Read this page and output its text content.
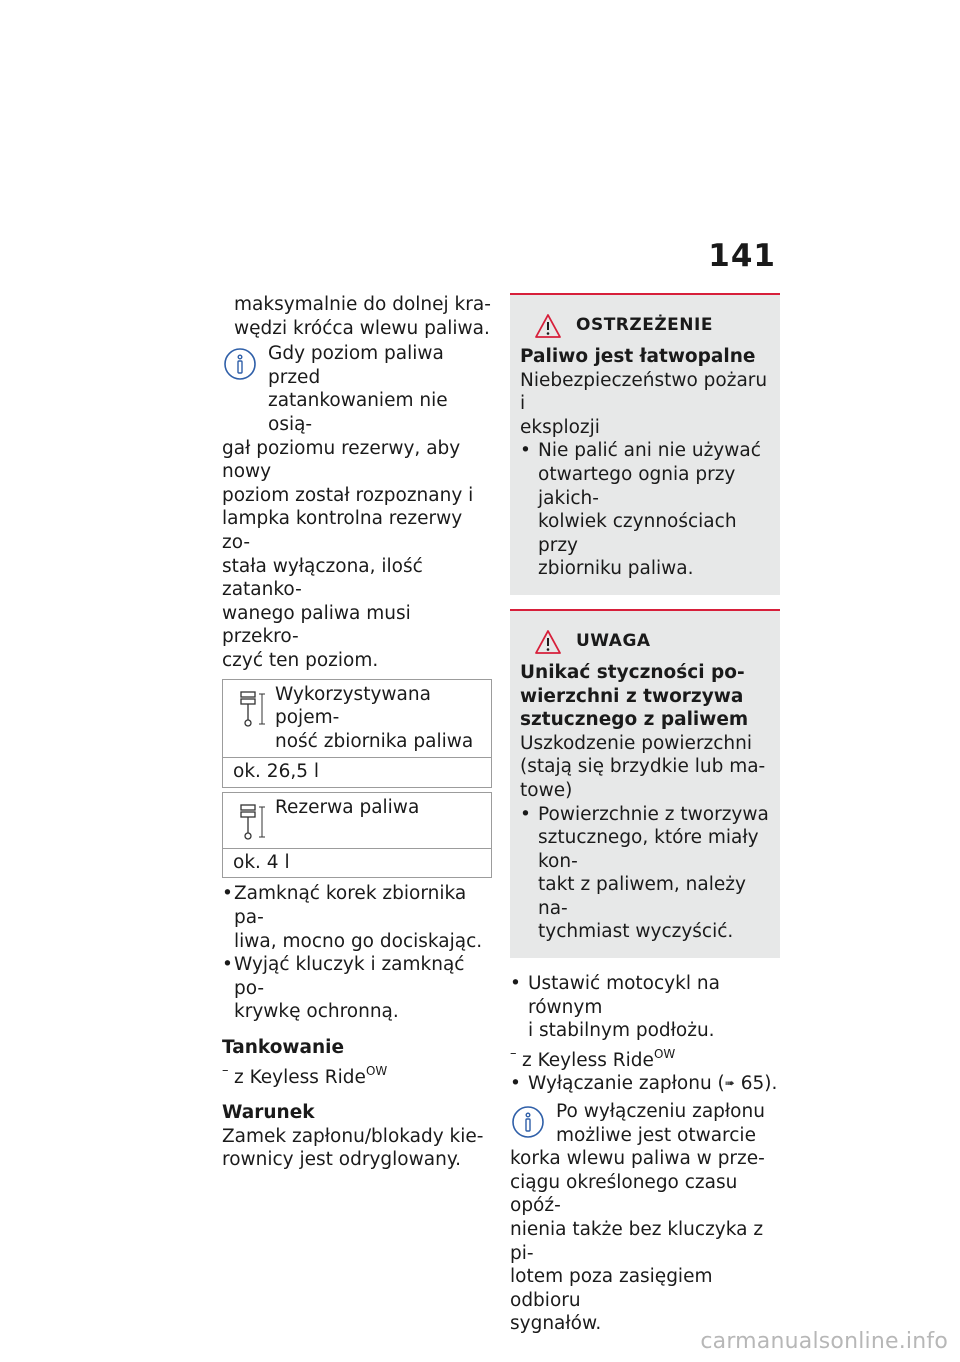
141
maksymalnie do dolnej kra-
wędzi króćca wlewu paliwa.
Gdy poziom paliwa przed
zatankowaniem nie osią-
gał poziomu rezerwy, aby nowy
poziom został rozpoznany i
lampka kontrolna rezerwy zo-
stała wyłączona, ilość zatanko-
wanego paliwa musi przekro-
czyć ten poziom.
Wykorzystywana pojem-
ność zbiornika paliwa
ok. 26,5 l
Rezerwa paliwa
ok. 4 l
• Zamknąć korek zbiornika pa-
liwa, mocno go dociskając.
• Wyjąć kluczyk i zamknąć po-
krywkę ochronną.
Tankowanie
– z Keyless Ride$^{OW}$
Warunek
Zamek zapłonu/blokady kie-
rownicy jest odryglowany.
OSTRZEŻENIE
Paliwo jest łatwopalne
Niebezpieczeństwo pożaru i
eksplozji
• Nie palić ani nie używać
otwartego ognia przy jakich-
kolwiek czynnościach przy
zbiorniku paliwa.
UWAGA
Unikać styczności po-
wierzchni z tworzywa
sztucznego z paliwem
Uszkodzenie powierzchni
(stają się brzydkie lub ma-
towe)
• Powierzchnie z tworzywa
sztucznego, które miały kon-
takt z paliwem, należy na-
tychmiast wyczyścić.
• Ustawić motocykl na równym
i stabilnym podłożu.
– z Keyless Ride$^{OW}$
• Wyłączanie zapłonu (➠ 65).
Po wyłączeniu zapłonu
możliwe jest otwarcie
korka wlewu paliwa w prze-
ciągu określonego czasu opóź-
nienia także bez kluczyka z pi-
lotem poza zasięgiem odbioru
sygnałów.
carmanualsonline.info
